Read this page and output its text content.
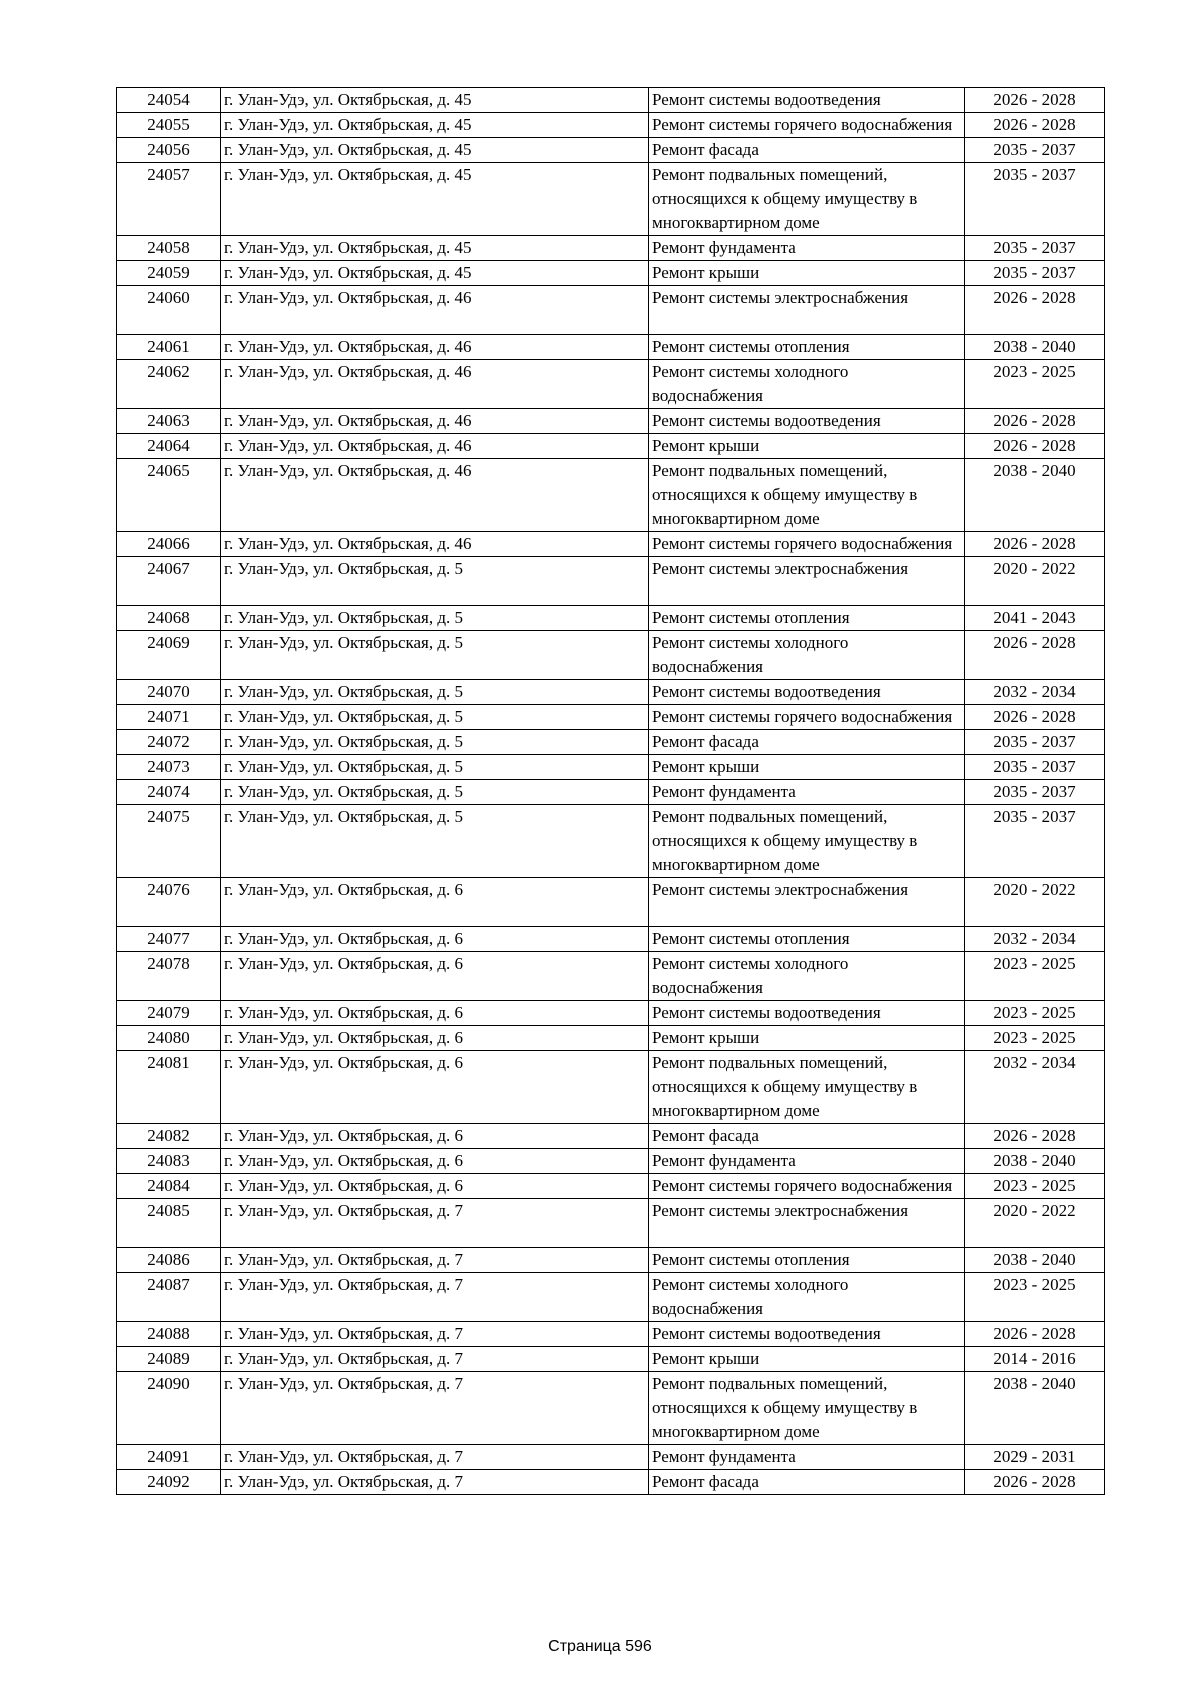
24054	г. Улан-Удэ, ул. Октябрьская, д. 45	Ремонт системы водоотведения	2026 - 2028
24055	г. Улан-Удэ, ул. Октябрьская, д. 45	Ремонт системы горячего водоснабжения	2026 - 2028
24056	г. Улан-Удэ, ул. Октябрьская, д. 45	Ремонт фасада	2035 - 2037
24057	г. Улан-Удэ, ул. Октябрьская, д. 45	Ремонт подвальных помещений, относящихся к общему имуществу в многоквартирном доме	2035 - 2037
24058	г. Улан-Удэ, ул. Октябрьская, д. 45	Ремонт фундамента	2035 - 2037
24059	г. Улан-Удэ, ул. Октябрьская, д. 45	Ремонт крыши	2035 - 2037
24060	г. Улан-Удэ, ул. Октябрьская, д. 46	Ремонт системы электроснабжения	2026 - 2028
24061	г. Улан-Удэ, ул. Октябрьская, д. 46	Ремонт системы отопления	2038 - 2040
24062	г. Улан-Удэ, ул. Октябрьская, д. 46	Ремонт системы холодного водоснабжения	2023 - 2025
24063	г. Улан-Удэ, ул. Октябрьская, д. 46	Ремонт системы водоотведения	2026 - 2028
24064	г. Улан-Удэ, ул. Октябрьская, д. 46	Ремонт крыши	2026 - 2028
24065	г. Улан-Удэ, ул. Октябрьская, д. 46	Ремонт подвальных помещений, относящихся к общему имуществу в многоквартирном доме	2038 - 2040
24066	г. Улан-Удэ, ул. Октябрьская, д. 46	Ремонт системы горячего водоснабжения	2026 - 2028
24067	г. Улан-Удэ, ул. Октябрьская, д. 5	Ремонт системы электроснабжения	2020 - 2022
24068	г. Улан-Удэ, ул. Октябрьская, д. 5	Ремонт системы отопления	2041 - 2043
24069	г. Улан-Удэ, ул. Октябрьская, д. 5	Ремонт системы холодного водоснабжения	2026 - 2028
24070	г. Улан-Удэ, ул. Октябрьская, д. 5	Ремонт системы водоотведения	2032 - 2034
24071	г. Улан-Удэ, ул. Октябрьская, д. 5	Ремонт системы горячего водоснабжения	2026 - 2028
24072	г. Улан-Удэ, ул. Октябрьская, д. 5	Ремонт фасада	2035 - 2037
24073	г. Улан-Удэ, ул. Октябрьская, д. 5	Ремонт крыши	2035 - 2037
24074	г. Улан-Удэ, ул. Октябрьская, д. 5	Ремонт фундамента	2035 - 2037
24075	г. Улан-Удэ, ул. Октябрьская, д. 5	Ремонт подвальных помещений, относящихся к общему имуществу в многоквартирном доме	2035 - 2037
24076	г. Улан-Удэ, ул. Октябрьская, д. 6	Ремонт системы электроснабжения	2020 - 2022
24077	г. Улан-Удэ, ул. Октябрьская, д. 6	Ремонт системы отопления	2032 - 2034
24078	г. Улан-Удэ, ул. Октябрьская, д. 6	Ремонт системы холодного водоснабжения	2023 - 2025
24079	г. Улан-Удэ, ул. Октябрьская, д. 6	Ремонт системы водоотведения	2023 - 2025
24080	г. Улан-Удэ, ул. Октябрьская, д. 6	Ремонт крыши	2023 - 2025
24081	г. Улан-Удэ, ул. Октябрьская, д. 6	Ремонт подвальных помещений, относящихся к общему имуществу в многоквартирном доме	2032 - 2034
24082	г. Улан-Удэ, ул. Октябрьская, д. 6	Ремонт фасада	2026 - 2028
24083	г. Улан-Удэ, ул. Октябрьская, д. 6	Ремонт фундамента	2038 - 2040
24084	г. Улан-Удэ, ул. Октябрьская, д. 6	Ремонт системы горячего водоснабжения	2023 - 2025
24085	г. Улан-Удэ, ул. Октябрьская, д. 7	Ремонт системы электроснабжения	2020 - 2022
24086	г. Улан-Удэ, ул. Октябрьская, д. 7	Ремонт системы отопления	2038 - 2040
24087	г. Улан-Удэ, ул. Октябрьская, д. 7	Ремонт системы холодного водоснабжения	2023 - 2025
24088	г. Улан-Удэ, ул. Октябрьская, д. 7	Ремонт системы водоотведения	2026 - 2028
24089	г. Улан-Удэ, ул. Октябрьская, д. 7	Ремонт крыши	2014 - 2016
24090	г. Улан-Удэ, ул. Октябрьская, д. 7	Ремонт подвальных помещений, относящихся к общему имуществу в многоквартирном доме	2038 - 2040
24091	г. Улан-Удэ, ул. Октябрьская, д. 7	Ремонт фундамента	2029 - 2031
24092	г. Улан-Удэ, ул. Октябрьская, д. 7	Ремонт фасада	2026 - 2028
Страница 596
